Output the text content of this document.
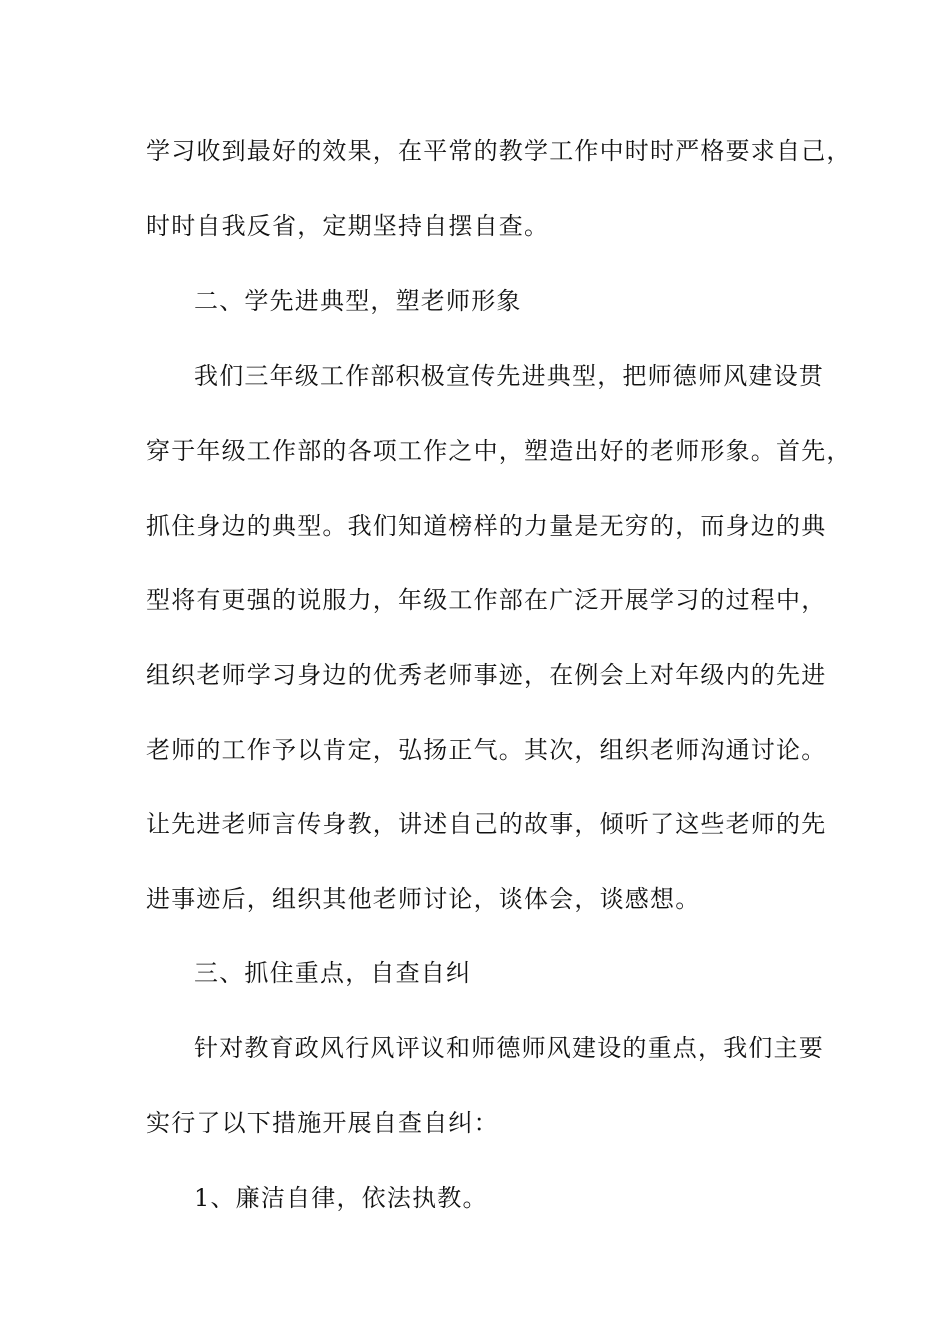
学习收到最好的效果，在平常的教学工作中时时严格要求自己，
时时自我反省，定期坚持自摆自查。
二、学先进典型，塑老师形象
我们三年级工作部积极宣传先进典型，把师德师风建设贯
穿于年级工作部的各项工作之中，塑造出好的老师形象。首先，
抓住身边的典型。我们知道榜样的力量是无穷的，而身边的典
型将有更强的说服力，年级工作部在广泛开展学习的过程中，
组织老师学习身边的优秀老师事迹，在例会上对年级内的先进
老师的工作予以肯定，弘扬正气。其次，组织老师沟通讨论。
让先进老师言传身教，讲述自己的故事，倾听了这些老师的先
进事迹后，组织其他老师讨论，谈体会，谈感想。
三、抓住重点，自查自纠
针对教育政风行风评议和师德师风建设的重点，我们主要
实行了以下措施开展自查自纠：
1、廉洁自律，依法执教。
